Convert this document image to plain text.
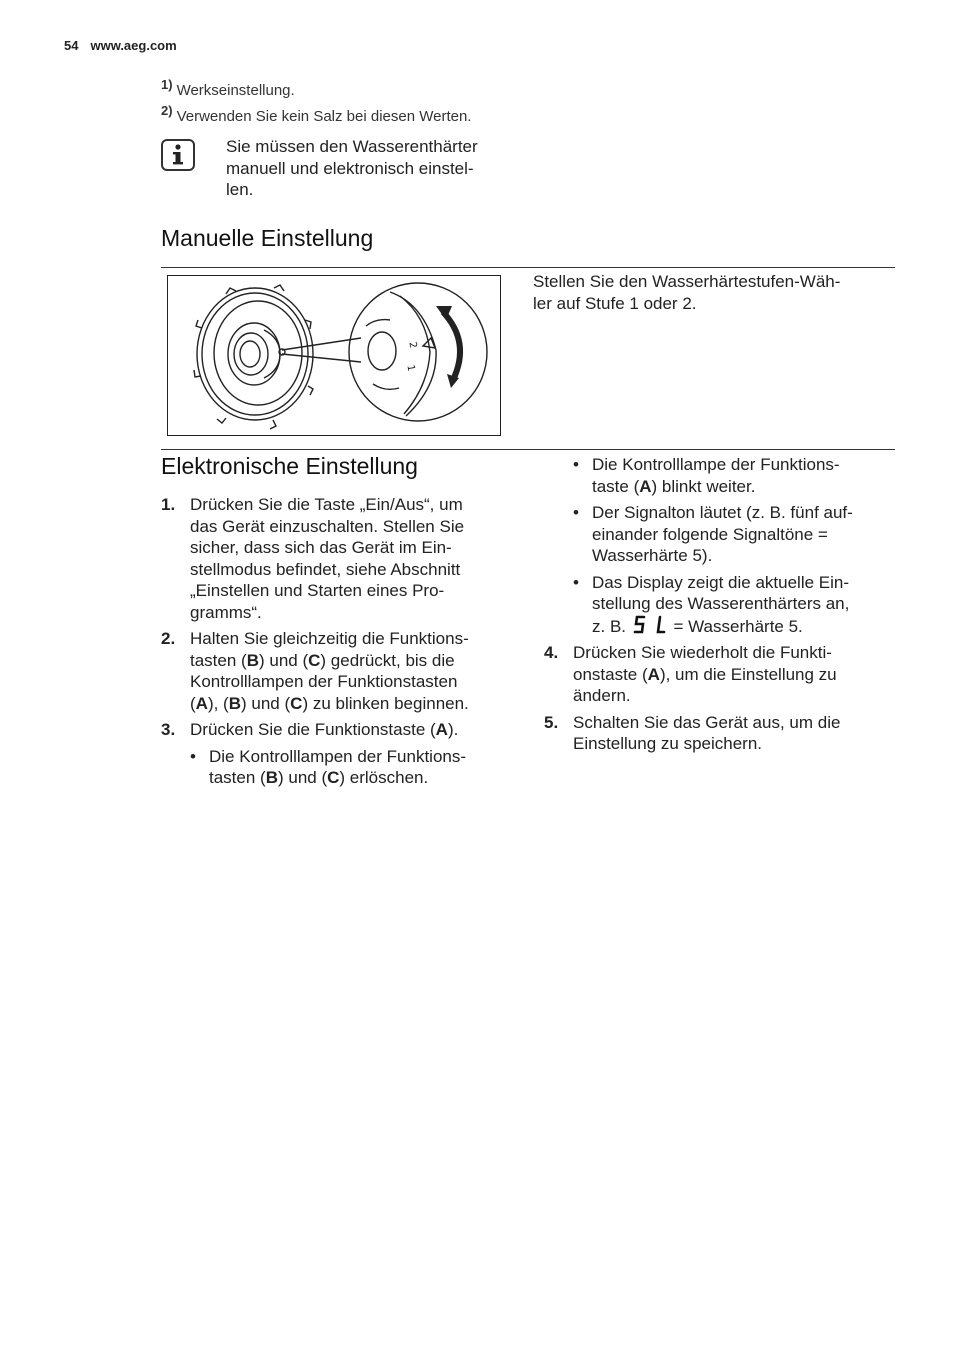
54 www.aeg.com
$^{1)}$ Werkseinstellung.
$^{2)}$ Verwenden Sie kein Salz bei diesen Werten.
Sie müssen den Wasserenthärter
manuell und elektronisch einstel-
len.
Manuelle Einstellung
2
1
Stellen Sie den Wasserhärtestufen-Wäh-
ler auf Stufe 1 oder 2.
Elektronische Einstellung
1. Drücken Sie die Taste „Ein/Aus“, um
das Gerät einzuschalten. Stellen Sie
sicher, dass sich das Gerät im Ein-
stellmodus befindet, siehe Abschnitt
„Einstellen und Starten eines Pro-
gramms“.
2. Halten Sie gleichzeitig die Funktions-
tasten (B) und (C) gedrückt, bis die
Kontrolllampen der Funktionstasten
(A), (B) und (C) zu blinken beginnen.
3. Drücken Sie die Funktionstaste (A).
• Die Kontrolllampen der Funktions-
tasten (B) und (C) erlöschen.
• Die Kontrolllampe der Funktions-
taste (A) blinkt weiter.
• Der Signalton läutet (z. B. fünf auf-
einander folgende Signaltöne =
Wasserhärte 5).
• Das Display zeigt die aktuelle Ein-
stellung des Wasserenthärters an,
z. B.	= Wasserhärte 5.
4. Drücken Sie wiederholt die Funkti-
onstaste (A), um die Einstellung zu
ändern.
5. Schalten Sie das Gerät aus, um die
Einstellung zu speichern.
